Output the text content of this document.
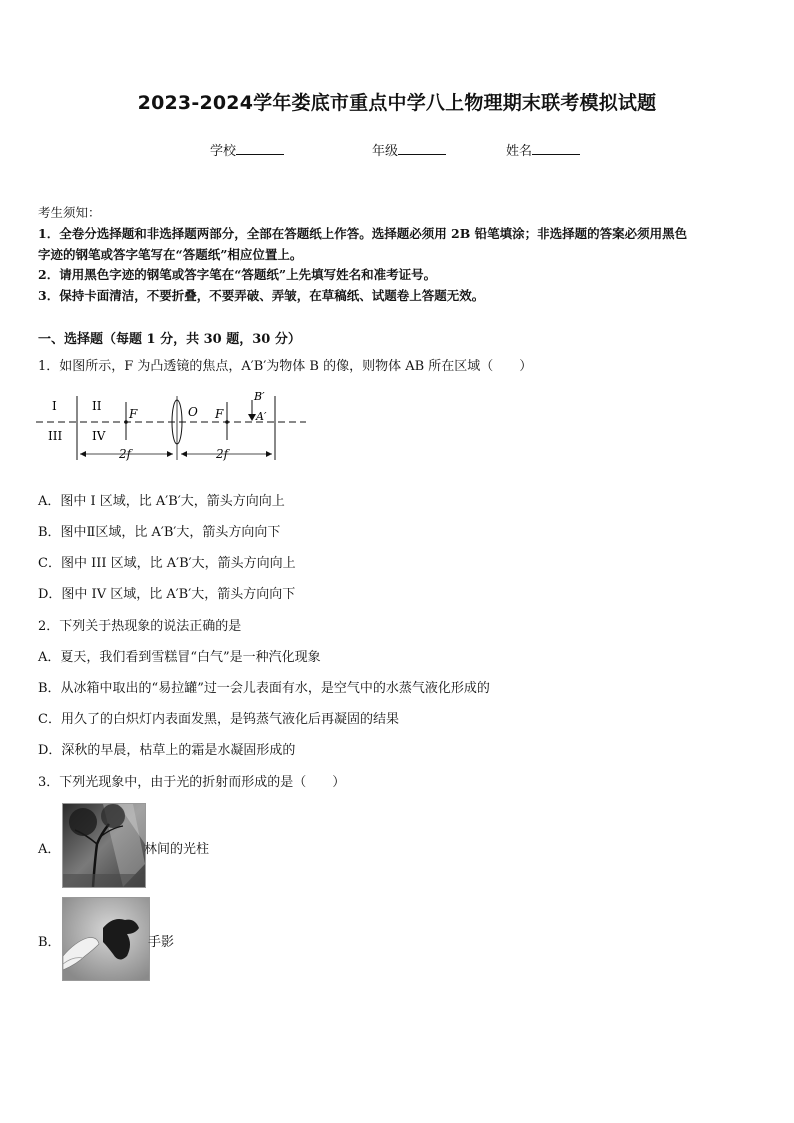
2023-2024学年娄底市重点中学八上物理期末联考模拟试题
学校	年级	姓名
考生须知：
1．全卷分选择题和非选择题两部分，全部在答题纸上作答。选择题必须用 2B 铅笔填涂；非选择题的答案必须用黑色
字迹的钢笔或答字笔写在“答题纸”相应位置上。
2．请用黑色字迹的钢笔或答字笔在“答题纸”上先填写姓名和准考证号。
3．保持卡面清洁，不要折叠，不要弄破、弄皱，在草稿纸、试题卷上答题无效。
一、选择题（每题 1 分，共 30 题，30 分）
1．如图所示，F 为凸透镜的焦点，A′B′为物体 B 的像，则物体 AB 所在区域（　　）
I	II
III IV
F	O F
B′
A′
2f	2f
A．图中 I 区域，比 A′B′大，箭头方向向上
B．图中Ⅱ区域，比 A′B′大，箭头方向向下
C．图中 III 区域，比 A′B′大，箭头方向向上
D．图中 IV 区域，比 A′B′大，箭头方向向下
2．下列关于热现象的说法正确的是
A．夏天，我们看到雪糕冒“白气”是一种汽化现象
B．从冰箱中取出的“易拉罐”过一会儿表面有水，是空气中的水蒸气液化形成的
C．用久了的白炽灯内表面发黑，是钨蒸气液化后再凝固的结果
D．深秋的早晨，枯草上的霜是水凝固形成的
3．下列光现象中，由于光的折射而形成的是（　　）
A．	林间的光柱
B．	手影
